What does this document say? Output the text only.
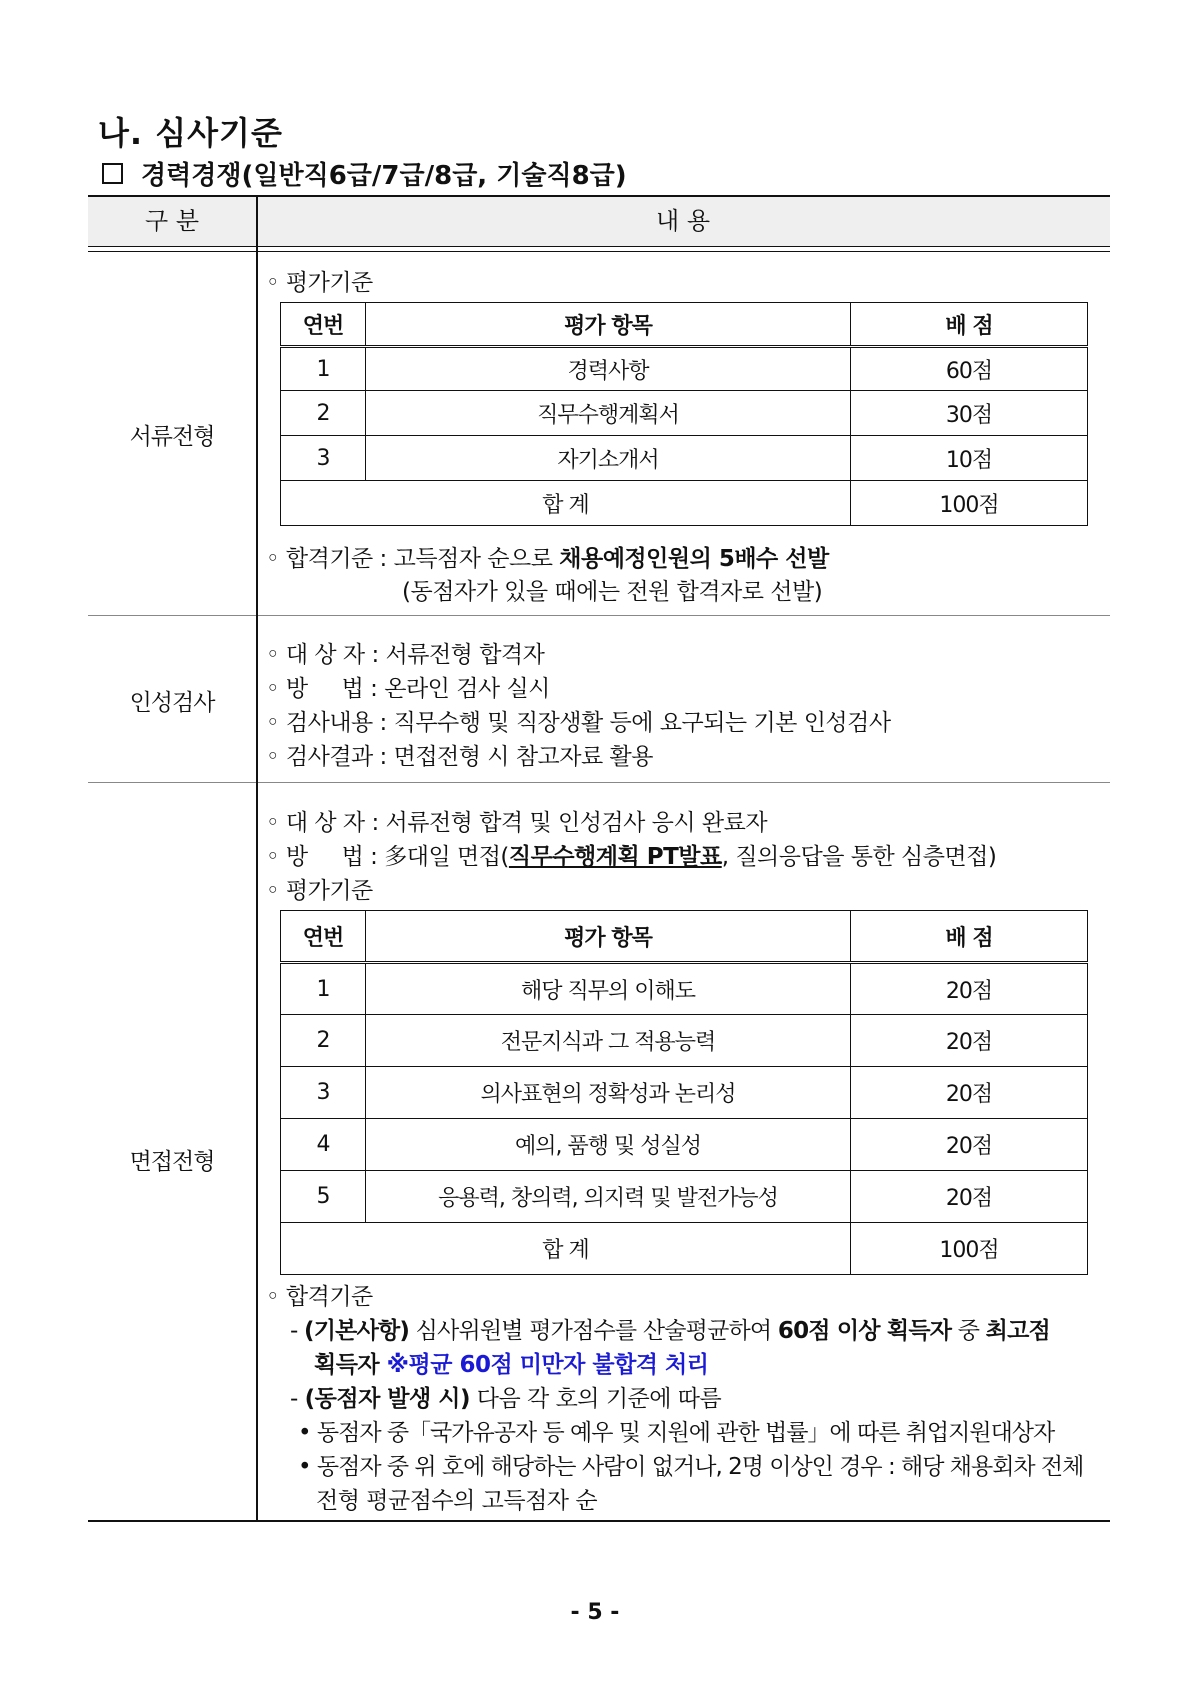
나. 심사기준
경력경쟁(일반직6급/7급/8급, 기술직8급)
구 분	내 용
서류전형
◦ 평가기준
연번	평가 항목	배 점
1	경력사항	60점
2	직무수행계획서	30점
3	자기소개서	10점
합 계		100점
◦ 합격기준 : 고득점자 순으로 채용예정인원의 5배수 선발
(동점자가 있을 때에는 전원 합격자로 선발)
인성검사
◦ 대 상 자 : 서류전형 합격자
◦ 방     법 : 온라인 검사 실시
◦ 검사내용 : 직무수행 및 직장생활 등에 요구되는 기본 인성검사
◦ 검사결과 : 면접전형 시 참고자료 활용
면접전형
◦ 대 상 자 : 서류전형 합격 및 인성검사 응시 완료자
◦ 방     법 : 多대일 면접(직무수행계획 PT발표, 질의응답을 통한 심층면접)
◦ 평가기준
연번	평가 항목	배 점
1	해당 직무의 이해도	20점
2	전문지식과 그 적용능력	20점
3	의사표현의 정확성과 논리성	20점
4	예의, 품행 및 성실성	20점
5	응용력, 창의력, 의지력 및 발전가능성	20점
합 계		100점
◦ 합격기준
- (기본사항) 심사위원별 평가점수를 산술평균하여 60점 이상 획득자 중 최고점
획득자 ※평균 60점 미만자 불합격 처리
- (동점자 발생 시) 다음 각 호의 기준에 따름
• 동점자 중「국가유공자 등 예우 및 지원에 관한 법률」에 따른 취업지원대상자
• 동점자 중 위 호에 해당하는 사람이 없거나, 2명 이상인 경우 : 해당 채용회차 전체
전형 평균점수의 고득점자 순
- 5 -
